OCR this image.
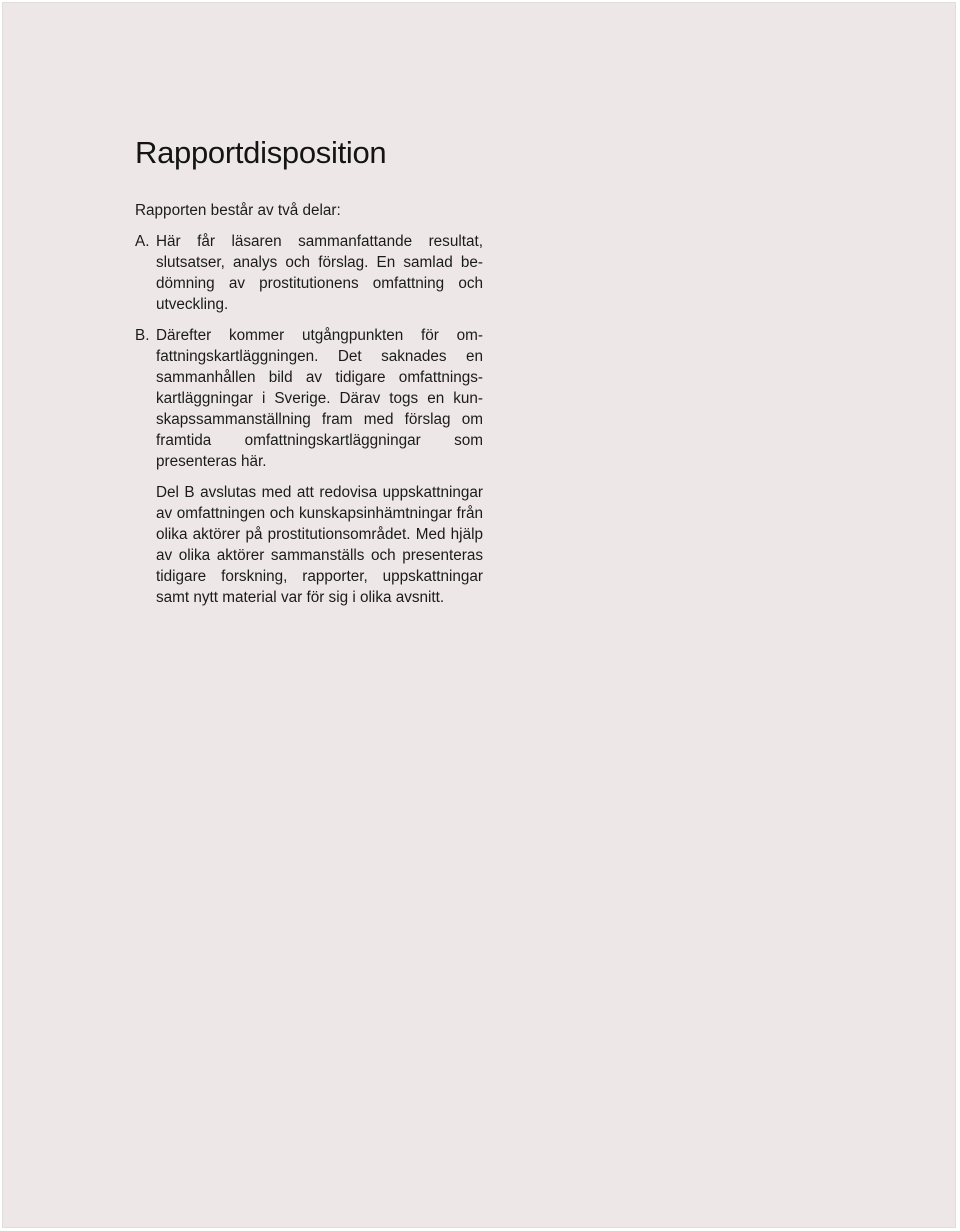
Rapportdisposition

Rapporten består av två delar:

A. Här får läsaren sammanfattande resultat, slutsatser, analys och förslag. En samlad bedömning av prostitutionens omfattning och utveckling.

B. Därefter kommer utgångpunkten för omfattningskartläggningen. Det saknades en sammanhållen bild av tidigare omfattningskartläggningar i Sverige. Därav togs en kunskapssammanställning fram med förslag om framtida omfattningskartläggningar som presenteras här.

Del B avslutas med att redovisa uppskattningar av omfattningen och kunskapsinhämtningar från olika aktörer på prostitutionsområdet. Med hjälp av olika aktörer sammanställs och presenteras tidigare forskning, rapporter, uppskattningar samt nytt material var för sig i olika avsnitt.
